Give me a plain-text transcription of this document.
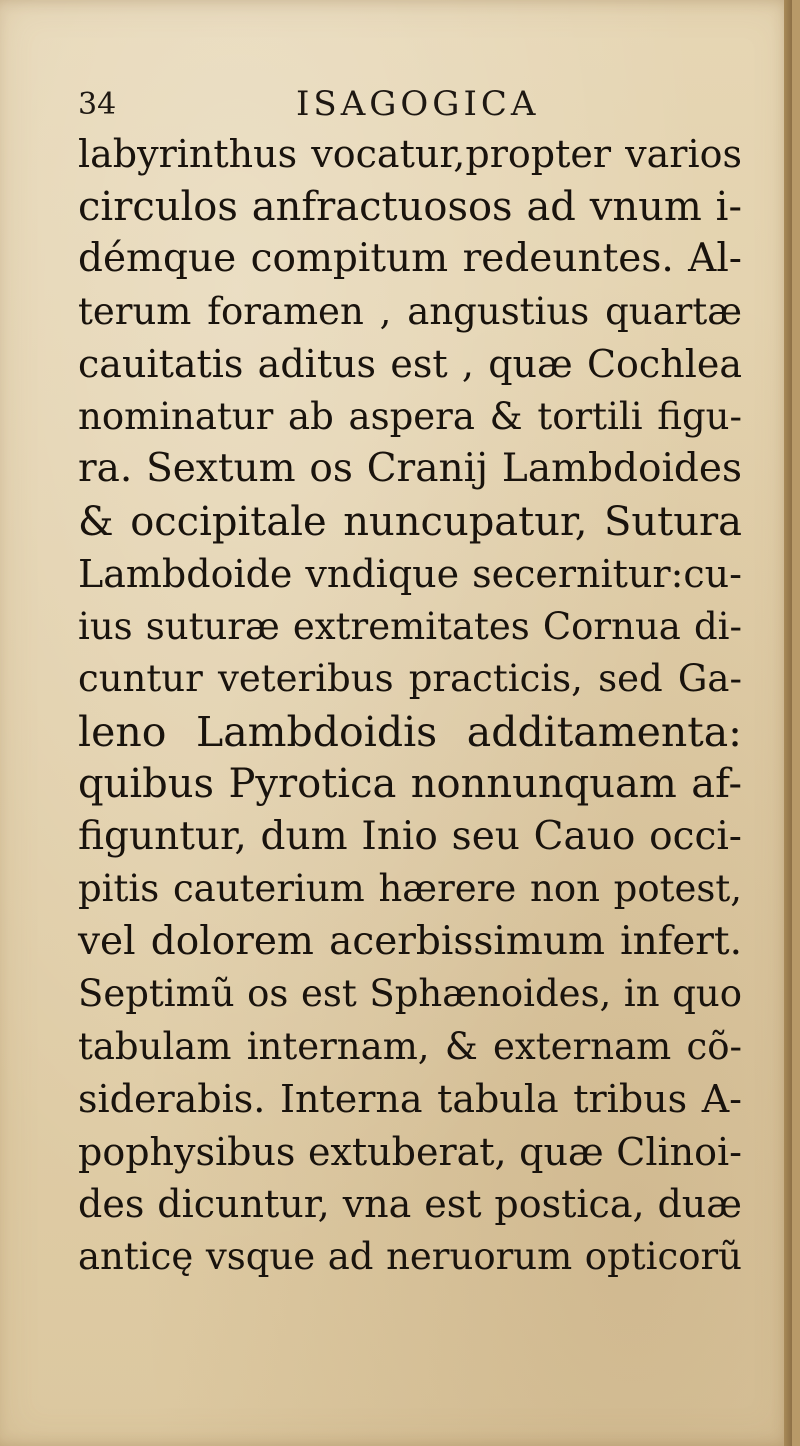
34	ISAGOGICA
labyrinthus vocatur,propter varios
circulos anfractuosos ad vnum i-
démque compitum redeuntes. Al-
terum foramen , angustius quartæ
cauitatis aditus est , quæ Cochlea
nominatur ab aspera & tortili figu-
ra. Sextum os Cranij Lambdoides
& occipitale nuncupatur, Sutura
Lambdoide vndique secernitur:cu-
ius suturæ extremitates Cornua di-
cuntur veteribus practicis, sed Ga-
leno Lambdoidis additamenta:
quibus Pyrotica nonnunquam af-
figuntur, dum Inio seu Cauo occi-
pitis cauterium hærere non potest,
vel dolorem acerbissimum infert.
Septimũ os est Sphænoides, in quo
tabulam internam, & externam cõ-
siderabis. Interna tabula tribus A-
pophysibus extuberat, quæ Clinoi-
des dicuntur, vna est postica, duæ
anticę vsque ad neruorum opticorũ
